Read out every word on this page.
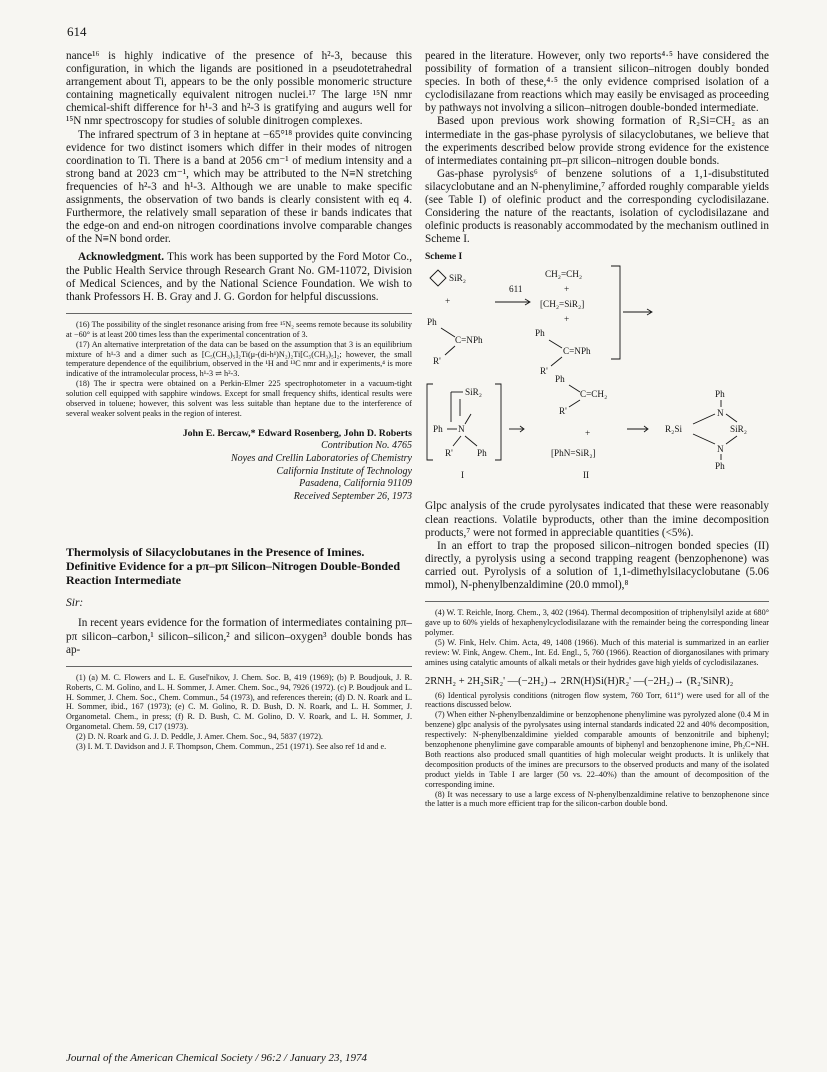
614

nance¹⁶ is highly indicative of the presence of h²-3, because this configuration, in which the ligands are positioned in a pseudotetrahedral arrangement about Ti, appears to be the only possible monomeric structure containing magnetically equivalent nitrogen nuclei.¹⁷ The large ¹⁵N nmr chemical-shift difference for h¹-3 and h²-3 is gratifying and augurs well for ¹⁵N nmr spectroscopy for studies of soluble dinitrogen complexes.

The infrared spectrum of 3 in heptane at −65°¹⁸ provides quite convincing evidence for two distinct isomers which differ in their modes of nitrogen coordination to Ti. There is a band at 2056 cm⁻¹ of medium intensity and a strong band at 2023 cm⁻¹, which may be attributed to the N≡N stretching frequencies of h²-3 and h¹-3. Although we are unable to make specific assignments, the observation of two bands is clearly consistent with eq 4. Furthermore, the relatively small separation of these ir bands indicates that the edge-on and end-on nitrogen coordinations involve comparable changes of the N≡N bond order.

Acknowledgment. This work has been supported by the Ford Motor Co., the Public Health Service through Research Grant No. GM-11072, Division of Medical Sciences, and by the National Science Foundation. We wish to thank Professors H. B. Gray and J. G. Gordon for helpful discussions.

(16) The possibility of the singlet resonance arising from free ¹⁵N₂ seems remote because its solubility at −60° is at least 200 times less than the experimental concentration of 3.

(17) An alternative interpretation of the data can be based on the assumption that 3 is an equilibrium mixture of h¹-3 and a dimer such as [C₅(CH₃)₅]₂Ti(μ-(di-h¹)N₂)₂Ti[C₅(CH₃)₅]₂; however, the small temperature dependence of the equilibrium, observed in the ¹H and ¹³C nmr and ir experiments,⁴ is more indicative of the intramolecular process, h¹-3 ⇌ h²-3.

(18) The ir spectra were obtained on a Perkin-Elmer 225 spectrophotometer in a vacuum-tight solution cell equipped with sapphire windows. Except for small frequency shifts, identical results were observed in toluene; however, this solvent was less suitable than heptane due to the interference of several weaker solvent peaks in the region of interest.

John E. Bercaw,* Edward Rosenberg, John D. Roberts
Contribution No. 4765
Noyes and Crellin Laboratories of Chemistry
California Institute of Technology
Pasadena, California 91109
Received September 26, 1973
Thermolysis of Silacyclobutanes in the Presence of Imines. Definitive Evidence for a pπ–pπ Silicon–Nitrogen Double-Bonded Reaction Intermediate
Sir:

In recent years evidence for the formation of intermediates containing pπ–pπ silicon–carbon,¹ silicon–silicon,² and silicon–oxygen³ double bonds has ap-

(1) (a) M. C. Flowers and L. E. Gusel'nikov, J. Chem. Soc. B, 419 (1969); (b) P. Boudjouk, J. R. Roberts, C. M. Golino, and L. H. Sommer, J. Amer. Chem. Soc., 94, 7926 (1972). (c) P. Boudjouk and L. H. Sommer, J. Chem. Soc., Chem. Commun., 54 (1973), and references therein; (d) D. N. Roark and L. H. Sommer, ibid., 167 (1973); (e) C. M. Golino, R. D. Bush, D. N. Roark, and L. H. Sommer, J. Organometal. Chem., in press; (f) R. D. Bush, C. M. Golino, D. V. Roark, and L. H. Sommer, J. Organometal. Chem. 59, C17 (1973).

(2) D. N. Roark and G. J. D. Peddle, J. Amer. Chem. Soc., 94, 5837 (1972).

(3) I. M. T. Davidson and J. F. Thompson, Chem. Commun., 251 (1971). See also ref 1d and e.

peared in the literature. However, only two reports⁴·⁵ have considered the possibility of formation of a transient silicon–nitrogen doubly bonded species. In both of these,⁴·⁵ the only evidence comprised isolation of a cyclodisilazane from reactions which may easily be envisaged as proceeding by pathways not involving a silicon–nitrogen double-bonded intermediate.

Based upon previous work showing formation of R₂Si=CH₂ as an intermediate in the gas-phase pyrolysis of silacyclobutanes, we believe that the experiments described below provide strong evidence for the existence of intermediates containing pπ–pπ silicon–nitrogen double bonds.

Gas-phase pyrolysis⁶ of benzene solutions of a 1,1-disubstituted silacyclobutane and an N-phenylimine,⁷ afforded roughly comparable yields (see Table I) of olefinic product and the corresponding cyclodisilazane. Considering the nature of the reactants, isolation of cyclodisilazane and olefinic products is reasonably accommodated by the mechanism outlined in Scheme I.

Scheme I
SiR₂
+
Ph
C=NPh
R'
611
CH₂=CH₂
+
[CH₂=SiR₂]
+
Ph
C=NPh
R'
SiR₂
Ph N
R'	Ph
I
Ph
C=CH₂
R'
+
[PhN=SiR₂]
II
Ph
N
R₂Si	SiR₂
N
Ph

Glpc analysis of the crude pyrolysates indicated that these were reasonably clean reactions. Volatile byproducts, other than the imine decomposition products,⁷ were not formed in appreciable quantities (<5%).

In an effort to trap the proposed silicon–nitrogen bonded species (II) directly, a pyrolysis using a second trapping reagent (benzophenone) was carried out. Pyrolysis of a solution of 1,1-dimethylsilacyclobutane (5.06 mmol), N-phenylbenzaldimine (20.0 mmol),⁸

(4) W. T. Reichle, Inorg. Chem., 3, 402 (1964). Thermal decomposition of triphenylsilyl azide at 680° gave up to 60% yields of hexaphenylcyclodisilazane with the remainder being the corresponding linear polymer.

(5) W. Fink, Helv. Chim. Acta, 49, 1408 (1966). Much of this material is summarized in an earlier review: W. Fink, Angew. Chem., Int. Ed. Engl., 5, 760 (1966). Reaction of diorganosilanes with primary amines using catalytic amounts of alkali metals or their hydrides gave high yields of cyclodisilazanes.

2RNH₂ + 2H₂SiR₂' —(−2H₂)→ 2RN(H)Si(H)R₂' —(−2H₂)→ (R₂'SiNR)₂

(6) Identical pyrolysis conditions (nitrogen flow system, 760 Torr, 611°) were used for all of the reactions discussed below.

(7) When either N-phenylbenzaldimine or benzophenone phenylimine was pyrolyzed alone (0.4 M in benzene) glpc analysis of the pyrolysates using internal standards indicated 22 and 40% decomposition, respectively: N-phenylbenzaldimine yielded comparable amounts of benzonitrile and biphenyl; benzophenone phenylimine gave comparable amounts of biphenyl and benzophenone imine, Ph₂C=NH. Both reactions also produced small quantities of high molecular weight products. It is unlikely that decomposition products of the imines are precursors to the observed products and many of the isolated product yields in Table I are larger (50 vs. 22–40%) than the amount of decomposition of the corresponding imine.

(8) It was necessary to use a large excess of N-phenylbenzaldimine relative to benzophenone since the latter is a much more efficient trap for the silicon-carbon double bond.

Journal of the American Chemical Society / 96:2 / January 23, 1974
